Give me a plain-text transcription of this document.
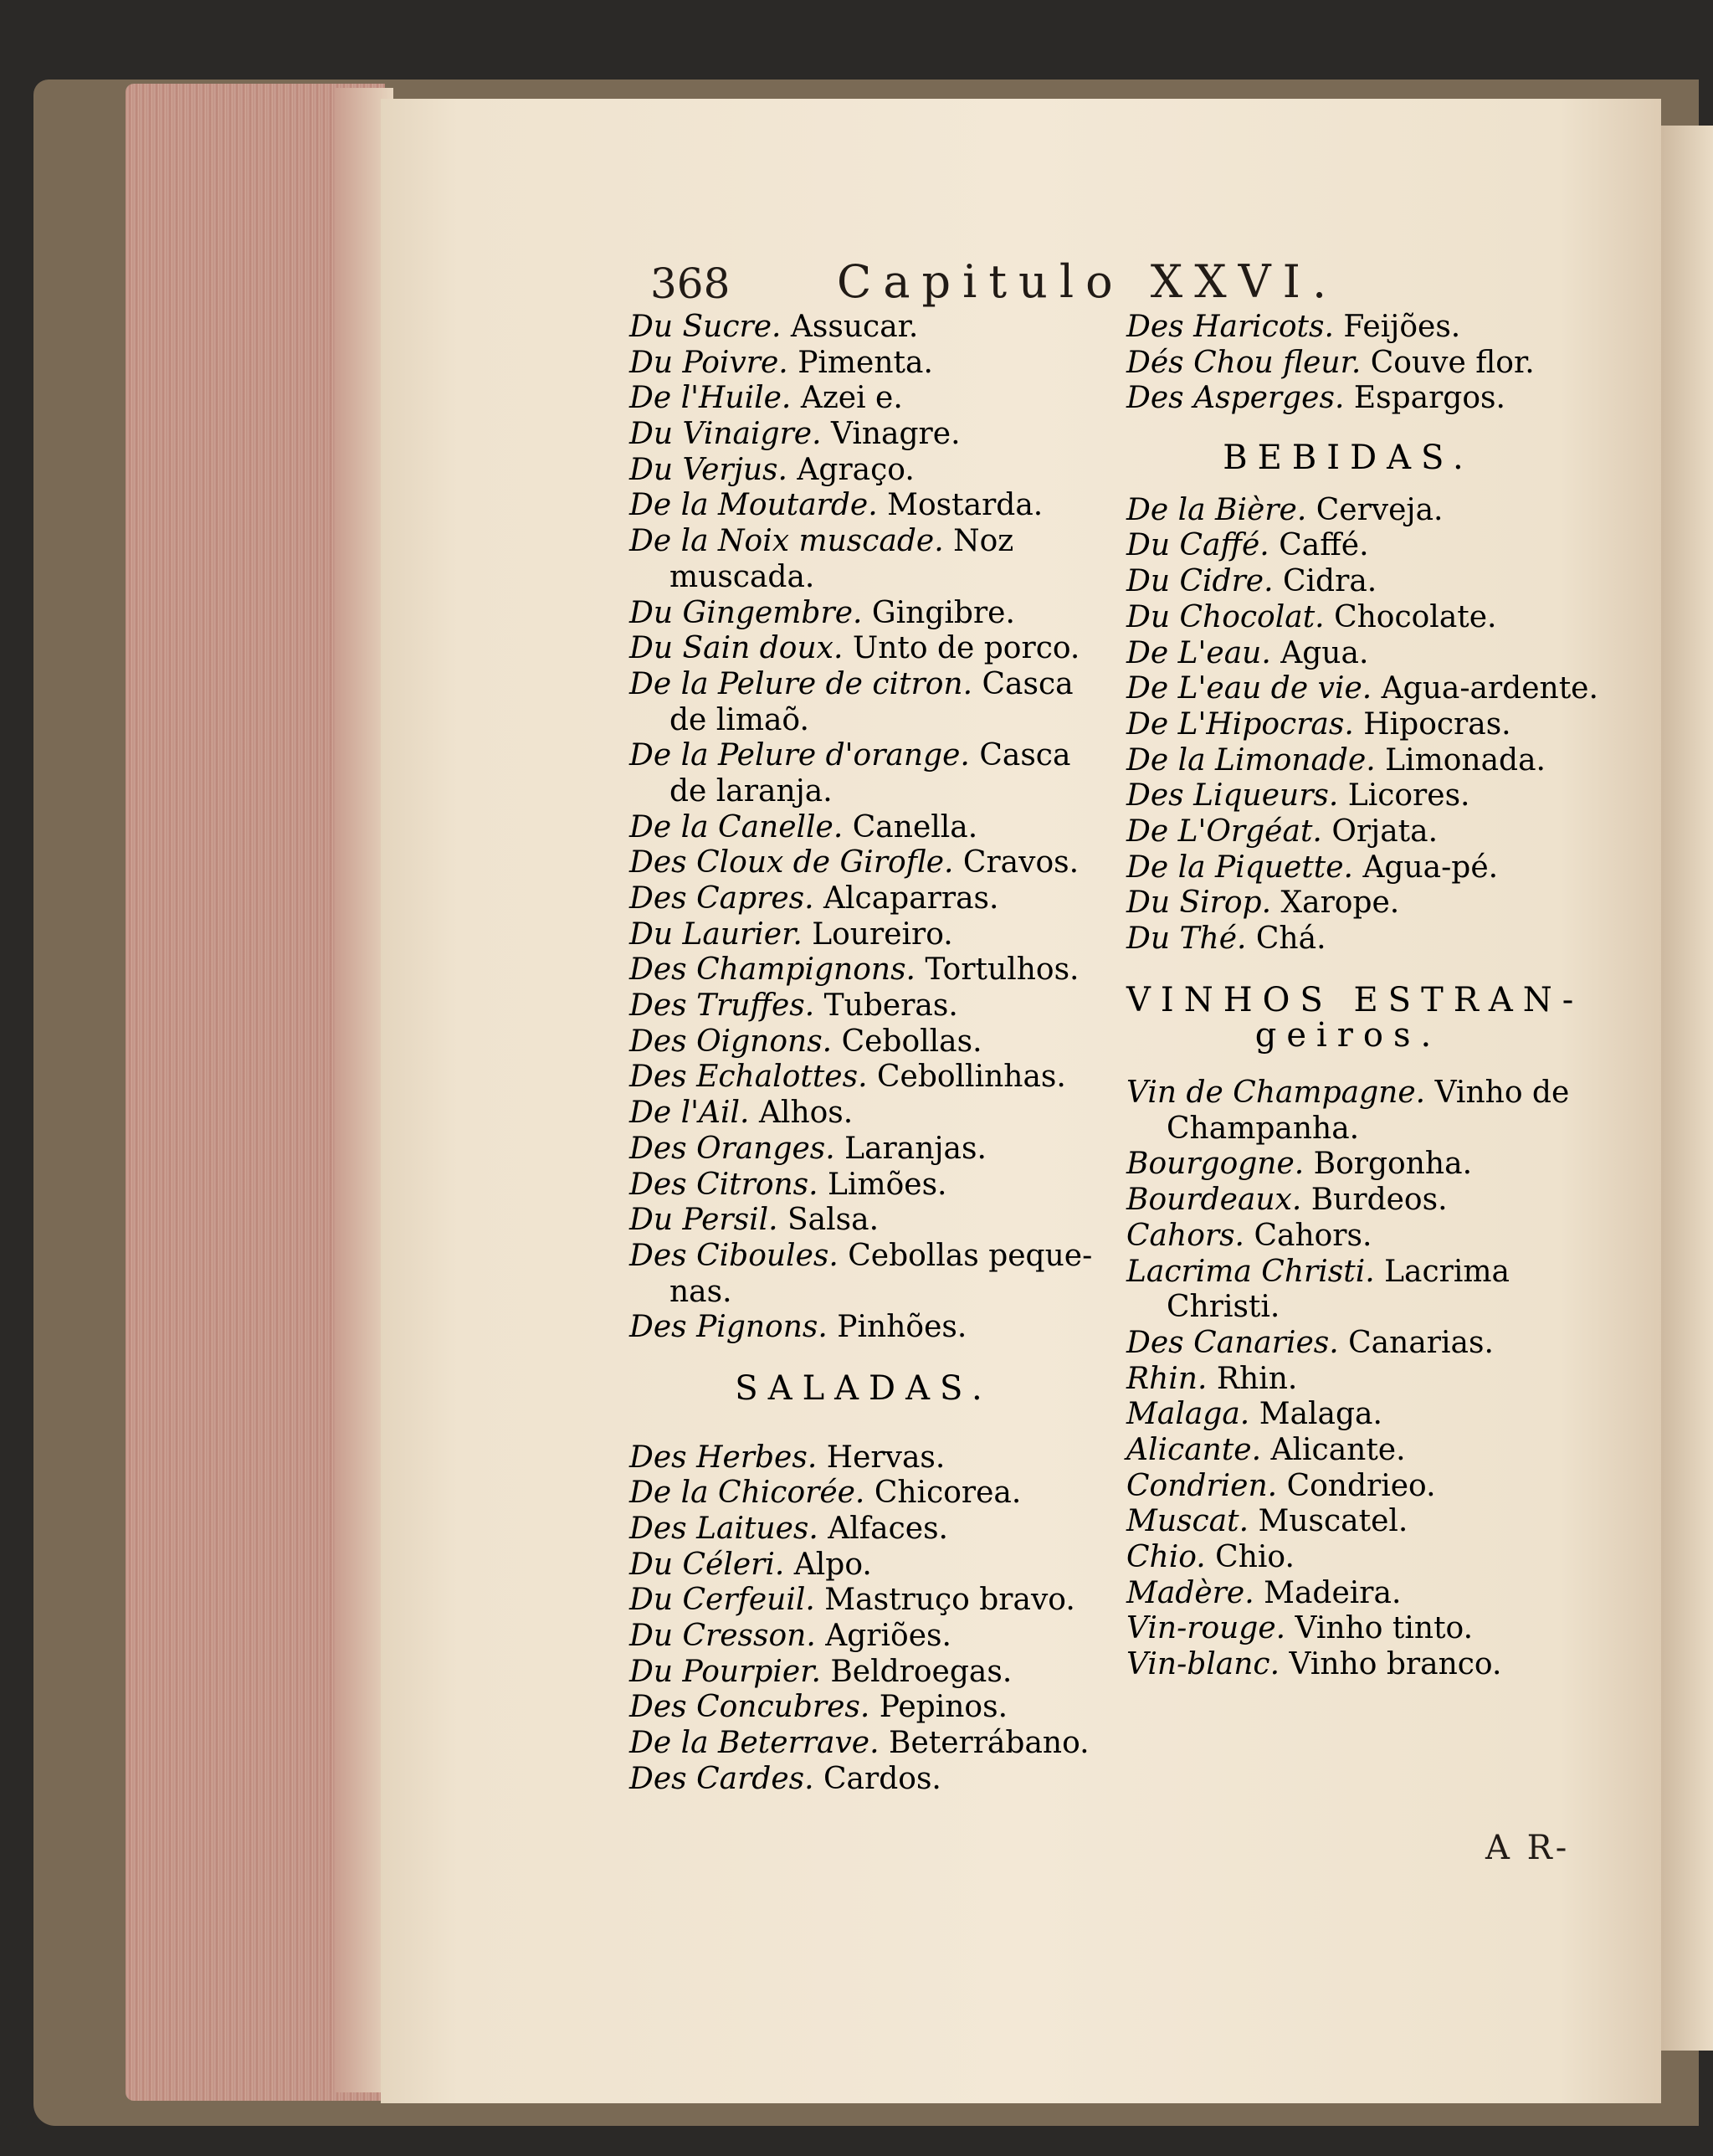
368 Capitulo XXVI.
Du Sucre. Assucar.
Du Poivre. Pimenta.
De l'Huile. Azei e.
Du Vinaigre. Vinagre.
Du Verjus. Agraço.
De la Moutarde. Mostarda.
De la Noix muscade. Noz
muscada.
Du Gingembre. Gingibre.
Du Sain doux. Unto de porco.
De la Pelure de citron. Casca
de limaõ.
De la Pelure d'orange. Casca
de laranja.
De la Canelle. Canella.
Des Cloux de Girofle. Cravos.
Des Capres. Alcaparras.
Du Laurier. Loureiro.
Des Champignons. Tortulhos.
Des Truffes. Tuberas.
Des Oignons. Cebollas.
Des Echalottes. Cebollinhas.
De l'Ail. Alhos.
Des Oranges. Laranjas.
Des Citrons. Limões.
Du Persil. Salsa.
Des Ciboules. Cebollas peque-
nas.
Des Pignons. Pinhões.
SALADAS.
Des Herbes. Hervas.
De la Chicorée. Chicorea.
Des Laitues. Alfaces.
Du Céleri. Alpo.
Du Cerfeuil. Mastruço bravo.
Du Cresson. Agriões.
Du Pourpier. Beldroegas.
Des Concubres. Pepinos.
De la Beterrave. Beterrábano.
Des Cardes. Cardos.
Des Haricots. Feijões.
Dés Chou fleur. Couve flor.
Des Asperges. Espargos.
BEBIDAS.
De la Bière. Cerveja.
Du Caffé. Caffé.
Du Cidre. Cidra.
Du Chocolat. Chocolate.
De L'eau. Agua.
De L'eau de vie. Agua-ardente.
De L'Hipocras. Hipocras.
De la Limonade. Limonada.
Des Liqueurs. Licores.
De L'Orgéat. Orjata.
De la Piquette. Agua-pé.
Du Sirop. Xarope.
Du Thé. Chá.
VINHOS ESTRAN-
geiros.
Vin de Champagne. Vinho de
Champanha.
Bourgogne. Borgonha.
Bourdeaux. Burdeos.
Cahors. Cahors.
Lacrima Christi. Lacrima
Christi.
Des Canaries. Canarias.
Rhin. Rhin.
Malaga. Malaga.
Alicante. Alicante.
Condrien. Condrieo.
Muscat. Muscatel.
Chio. Chio.
Madère. Madeira.
Vin-rouge. Vinho tinto.
Vin-blanc. Vinho branco.
A R-
